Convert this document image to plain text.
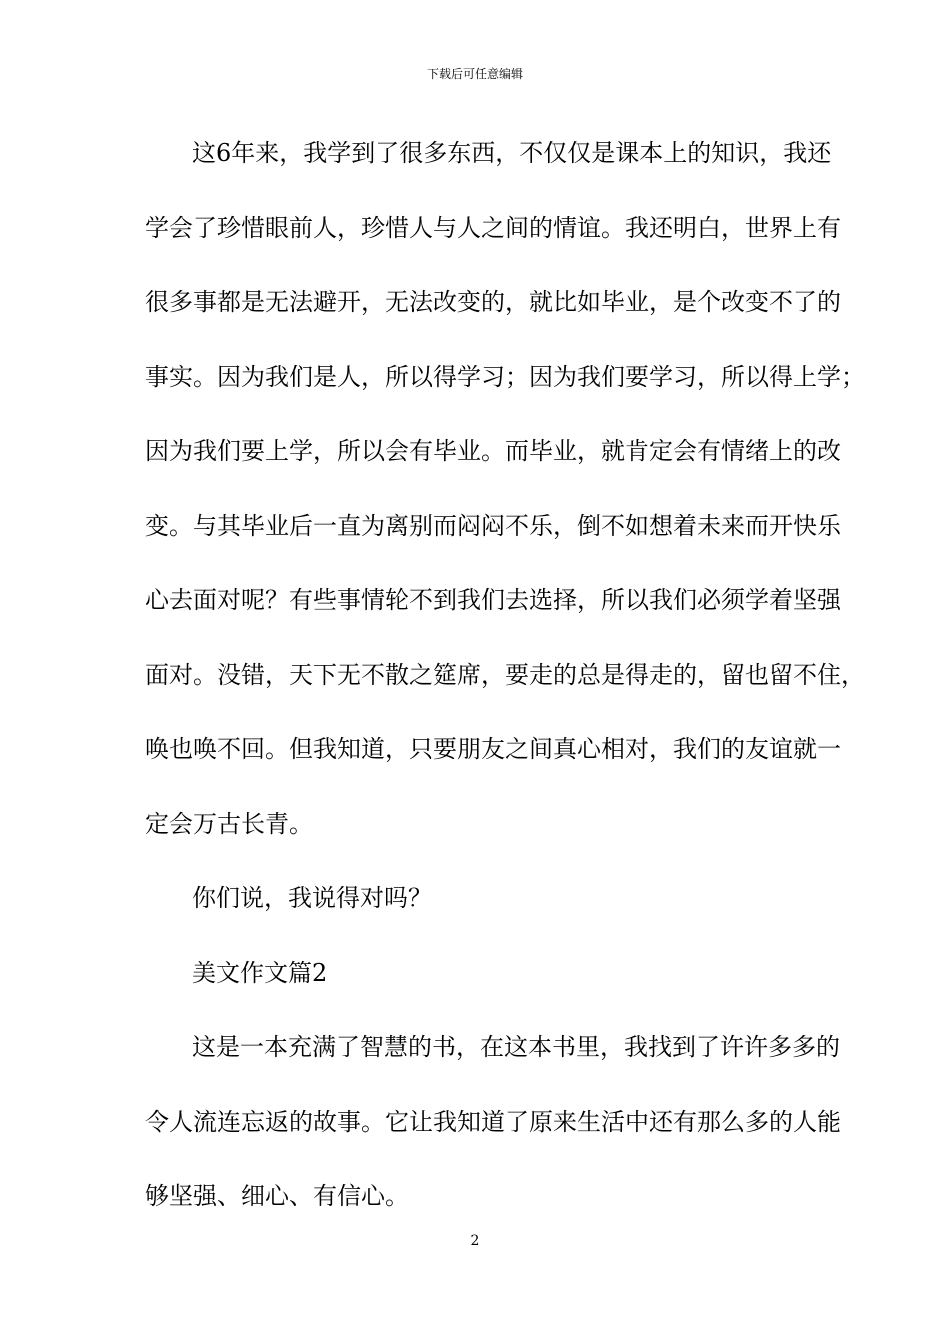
下载后可任意编辑
这6年来，我学到了很多东西，不仅仅是课本上的知识，我还
学会了珍惜眼前人，珍惜人与人之间的情谊。我还明白，世界上有
很多事都是无法避开，无法改变的，就比如毕业，是个改变不了的
事实。因为我们是人，所以得学习；因为我们要学习，所以得上学；
因为我们要上学，所以会有毕业。而毕业，就肯定会有情绪上的改
变。与其毕业后一直为离别而闷闷不乐，倒不如想着未来而开快乐
心去面对呢？有些事情轮不到我们去选择，所以我们必须学着坚强
面对。没错，天下无不散之筵席，要走的总是得走的，留也留不住，
唤也唤不回。但我知道，只要朋友之间真心相对，我们的友谊就一
定会万古长青。
你们说，我说得对吗？
美文作文篇2
这是一本充满了智慧的书，在这本书里，我找到了许许多多的
令人流连忘返的故事。它让我知道了原来生活中还有那么多的人能
够坚强、细心、有信心。
2
